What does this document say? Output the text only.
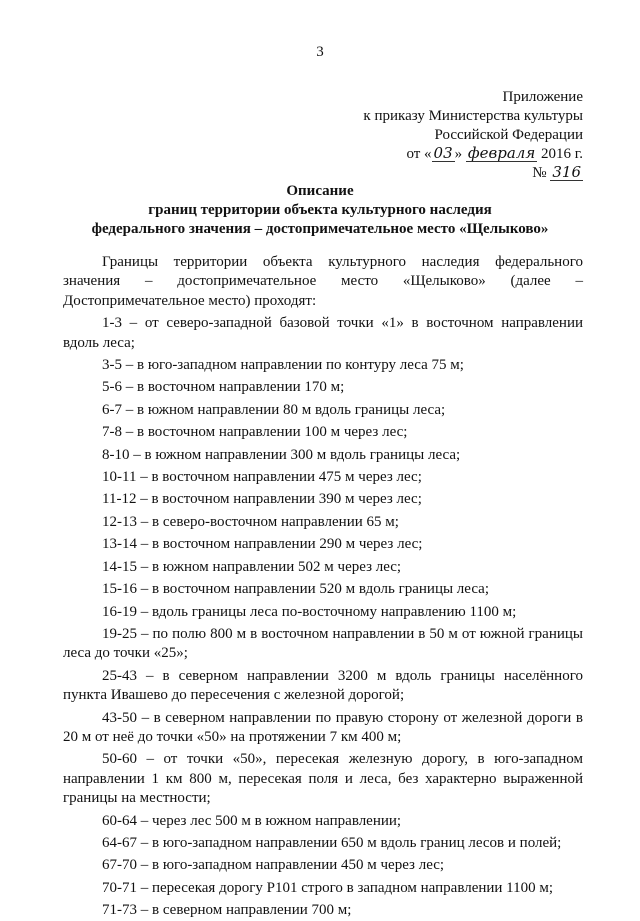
3
Приложение
к приказу Министерства культуры
Российской Федерации
от « 03 » февраля 2016 г.
№ 316
Описание
границ территории объекта культурного наследия
федерального значения – достопримечательное место «Щелыково»

Границы территории объекта культурного наследия федерального значения – достопримечательное место «Щелыково» (далее – Достопримечательное место) проходят:

1-3 – от северо-западной базовой точки «1» в восточном направлении вдоль леса;

3-5 – в юго-западном направлении по контуру леса 75 м;

5-6 – в восточном направлении 170 м;

6-7 – в южном направлении 80 м вдоль границы леса;

7-8 – в восточном направлении 100 м через лес;

8-10 – в южном направлении 300 м вдоль границы леса;

10-11 – в восточном направлении 475 м через лес;

11-12 – в восточном направлении 390 м через лес;

12-13 – в северо-восточном направлении 65 м;

13-14 – в восточном направлении 290 м через лес;

14-15 – в южном направлении 502 м через лес;

15-16 – в восточном направлении 520 м вдоль границы леса;

16-19 – вдоль границы леса по-восточному направлению 1100 м;

19-25 – по полю 800 м в восточном направлении в 50 м от южной границы леса до точки «25»;

25-43 – в северном направлении 3200 м вдоль границы населённого пункта Ивашево до пересечения с железной дорогой;

43-50 – в северном направлении по правую сторону от железной дороги в 20 м от неё до точки «50» на протяжении 7 км 400 м;

50-60 – от точки «50», пересекая железную дорогу, в юго-западном направлении 1 км 800 м, пересекая поля и леса, без характерно выраженной границы на местности;

60-64 – через лес 500 м в южном направлении;

64-67 – в юго-западном направлении 650 м вдоль границ лесов и полей;

67-70 – в юго-западном направлении 450 м через лес;

70-71 – пересекая дорогу Р101 строго в западном направлении 1100 м;

71-73 – в северном направлении 700 м;
